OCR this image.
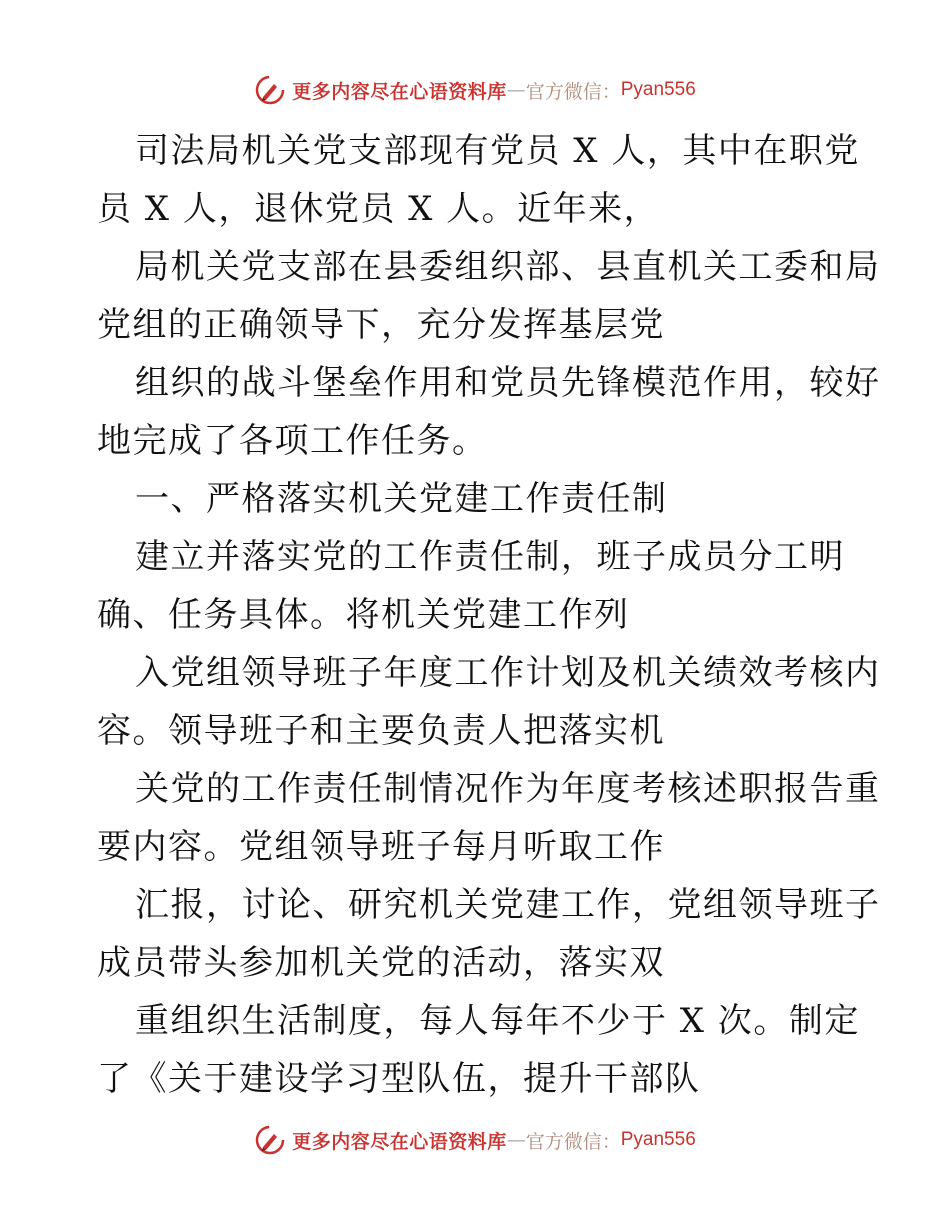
更多内容尽在心语资料库 — 官方微信： Pyan556
司法局机关党支部现有党员 X 人，其中在职党
员 X 人，退休党员 X 人。近年来，
局机关党支部在县委组织部、县直机关工委和局
党组的正确领导下，充分发挥基层党
组织的战斗堡垒作用和党员先锋模范作用，较好
地完成了各项工作任务。
一、严格落实机关党建工作责任制
建立并落实党的工作责任制，班子成员分工明
确、任务具体。将机关党建工作列
入党组领导班子年度工作计划及机关绩效考核内
容。领导班子和主要负责人把落实机
关党的工作责任制情况作为年度考核述职报告重
要内容。党组领导班子每月听取工作
汇报，讨论、研究机关党建工作，党组领导班子
成员带头参加机关党的活动，落实双
重组织生活制度，每人每年不少于 X 次。制定
了《关于建设学习型队伍，提升干部队
更多内容尽在心语资料库 — 官方微信： Pyan556
